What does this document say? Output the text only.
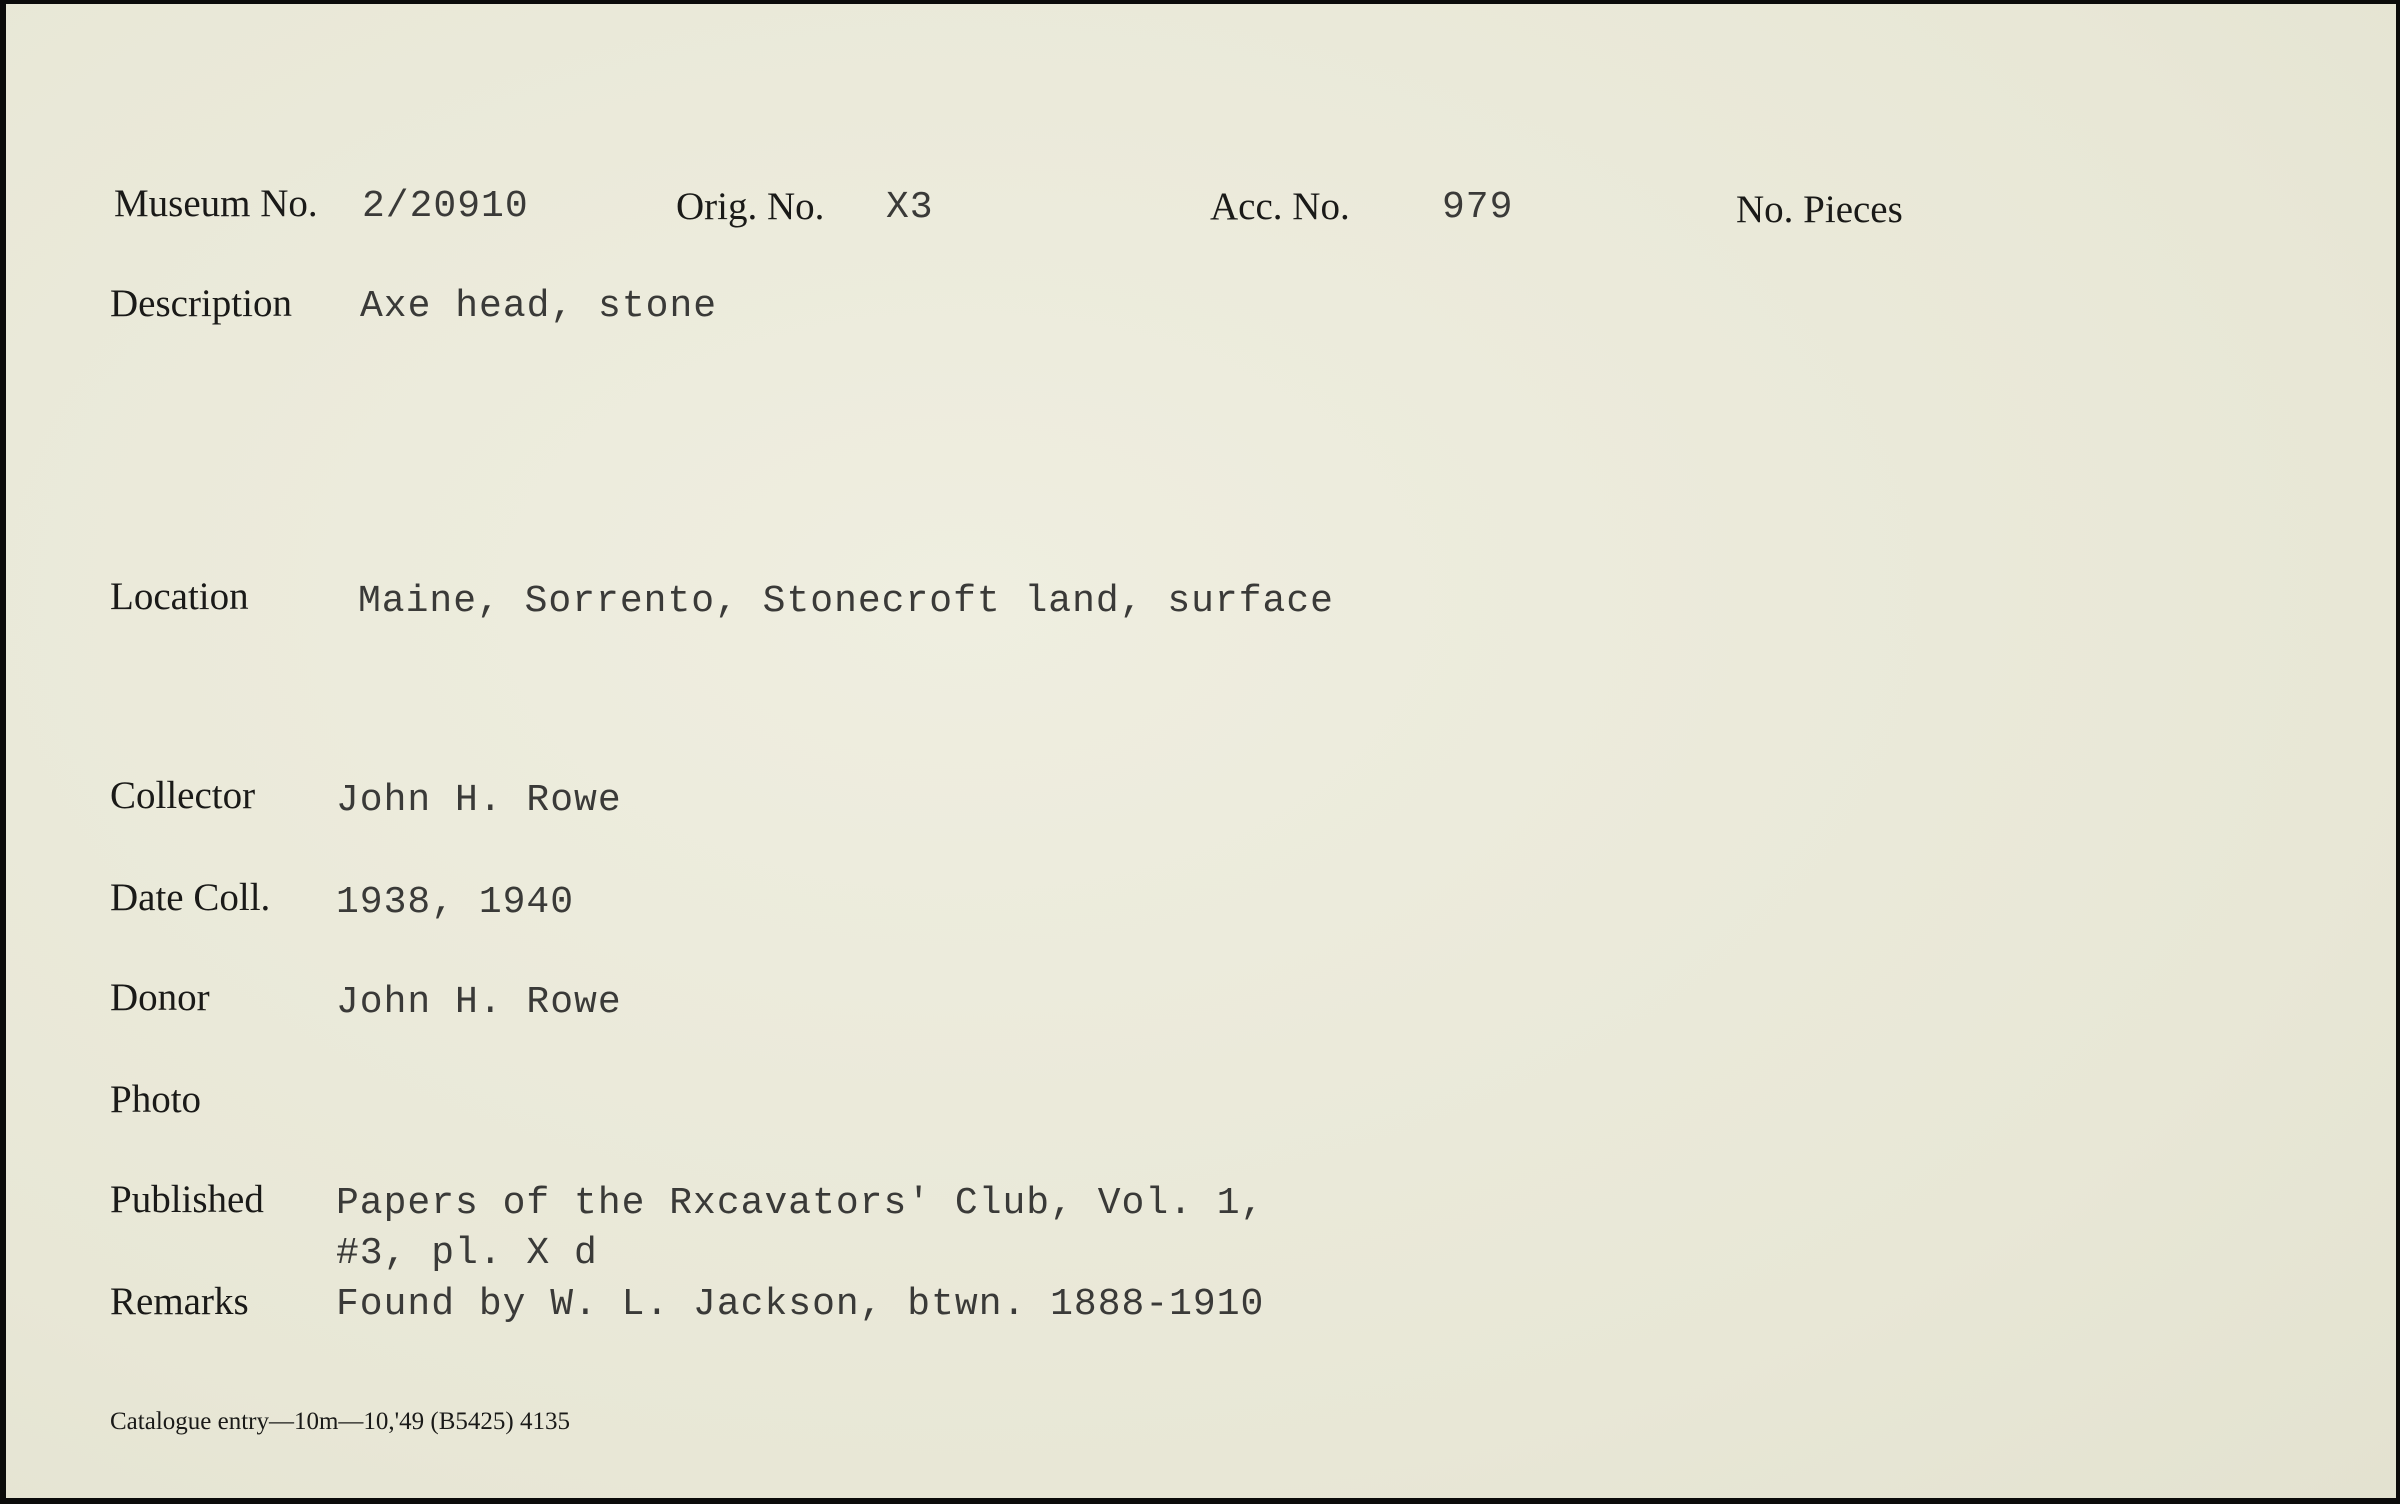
Museum No. 2/20910	Orig. No. X3	Acc. No. 979	No. Pieces
Description Axe head, stone
Location	Maine, Sorrento, Stonecroft land, surface
Collector John H. Rowe
Date Coll. 1938, 1940
Donor	John H. Rowe
Photo
Published Papers of the Rxcavators' Club, Vol. 1,
#3, pl. X d
Remarks Found by W. L. Jackson, btwn. 1888-1910
Catalogue entry—10m—10,'49 (B5425) 4135
